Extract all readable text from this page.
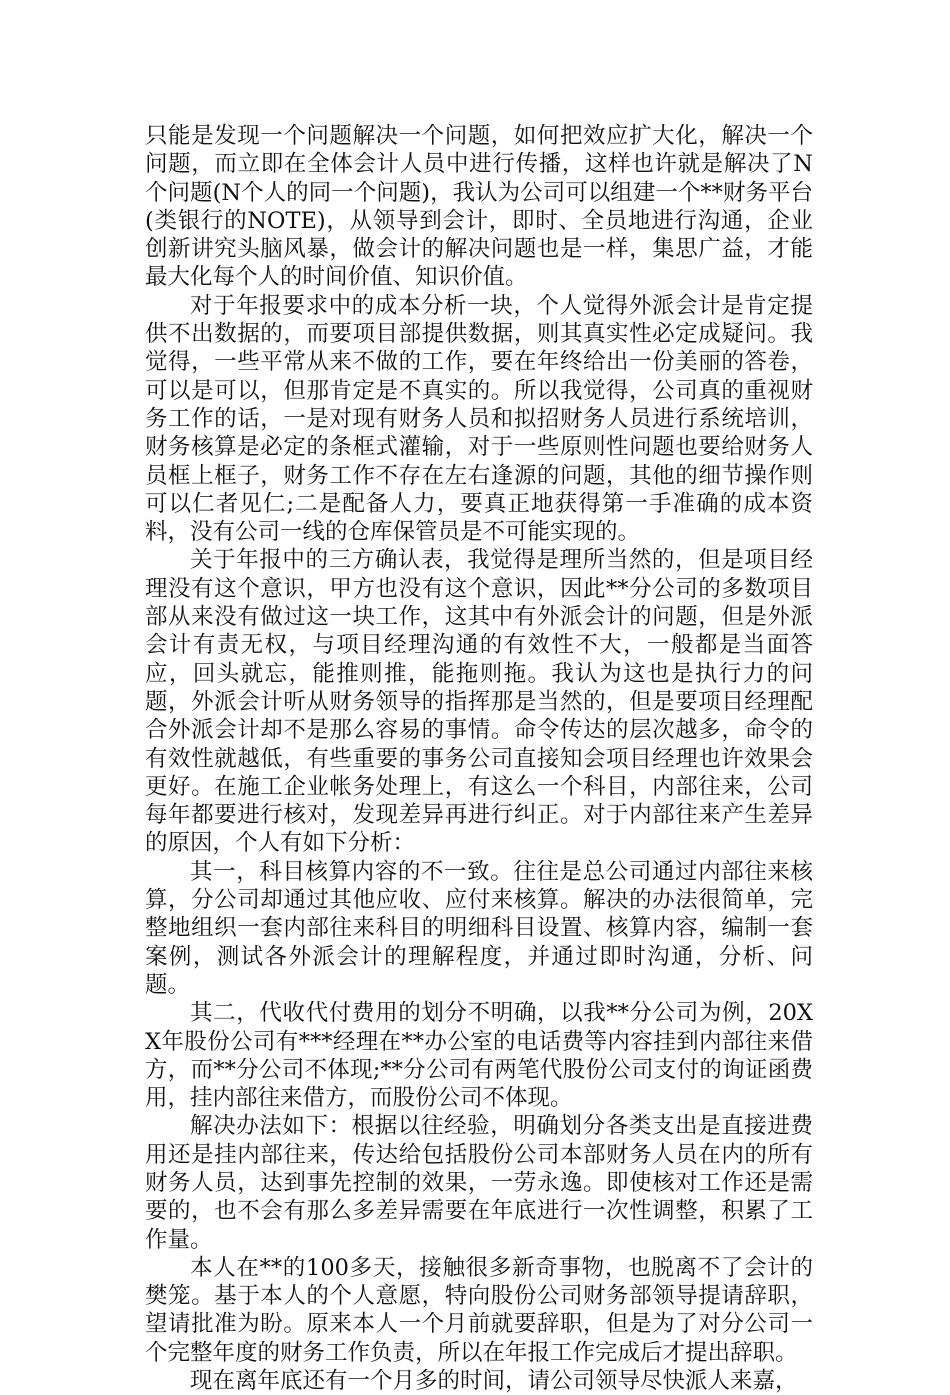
只能是发现一个问题解决一个问题，如何把效应扩大化，解决一个问题，而立即在全体会计人员中进行传播，这样也许就是解决了N个问题(N个人的同一个问题)，我认为公司可以组建一个**财务平台(类银行的NOTE)，从领导到会计，即时、全员地进行沟通，企业创新讲究头脑风暴，做会计的解决问题也是一样，集思广益，才能最大化每个人的时间价值、知识价值。

对于年报要求中的成本分析一块，个人觉得外派会计是肯定提供不出数据的，而要项目部提供数据，则其真实性必定成疑问。我觉得，一些平常从来不做的工作，要在年终给出一份美丽的答卷，可以是可以，但那肯定是不真实的。所以我觉得，公司真的重视财务工作的话，一是对现有财务人员和拟招财务人员进行系统培训，财务核算是必定的条框式灌输，对于一些原则性问题也要给财务人员框上框子，财务工作不存在左右逢源的问题，其他的细节操作则可以仁者见仁;二是配备人力，要真正地获得第一手准确的成本资料，没有公司一线的仓库保管员是不可能实现的。

关于年报中的三方确认表，我觉得是理所当然的，但是项目经理没有这个意识，甲方也没有这个意识，因此**分公司的多数项目部从来没有做过这一块工作，这其中有外派会计的问题，但是外派会计有责无权，与项目经理沟通的有效性不大，一般都是当面答应，回头就忘，能推则推，能拖则拖。我认为这也是执行力的问题，外派会计听从财务领导的指挥那是当然的，但是要项目经理配合外派会计却不是那么容易的事情。命令传达的层次越多，命令的有效性就越低，有些重要的事务公司直接知会项目经理也许效果会更好。在施工企业帐务处理上，有这么一个科目，内部往来，公司每年都要进行核对，发现差异再进行纠正。对于内部往来产生差异的原因，个人有如下分析：

其一，科目核算内容的不一致。往往是总公司通过内部往来核算，分公司却通过其他应收、应付来核算。解决的办法很简单，完整地组织一套内部往来科目的明细科目设置、核算内容，编制一套案例，测试各外派会计的理解程度，并通过即时沟通，分析、问题。

其二，代收代付费用的划分不明确，以我**分公司为例，20XX年股份公司有***经理在**办公室的电话费等内容挂到内部往来借方，而**分公司不体现;**分公司有两笔代股份公司支付的询证函费用，挂内部往来借方，而股份公司不体现。

解决办法如下：根据以往经验，明确划分各类支出是直接进费用还是挂内部往来，传达给包括股份公司本部财务人员在内的所有财务人员，达到事先控制的效果，一劳永逸。即使核对工作还是需要的，也不会有那么多差异需要在年底进行一次性调整，积累了工作量。

本人在**的100多天，接触很多新奇事物，也脱离不了会计的樊笼。基于本人的个人意愿，特向股份公司财务部领导提请辞职，望请批准为盼。原来本人一个月前就要辞职，但是为了对分公司一个完整年度的财务工作负责，所以在年报工作完成后才提出辞职。

现在离年底还有一个月多的时间，请公司领导尽快派人来嘉，
